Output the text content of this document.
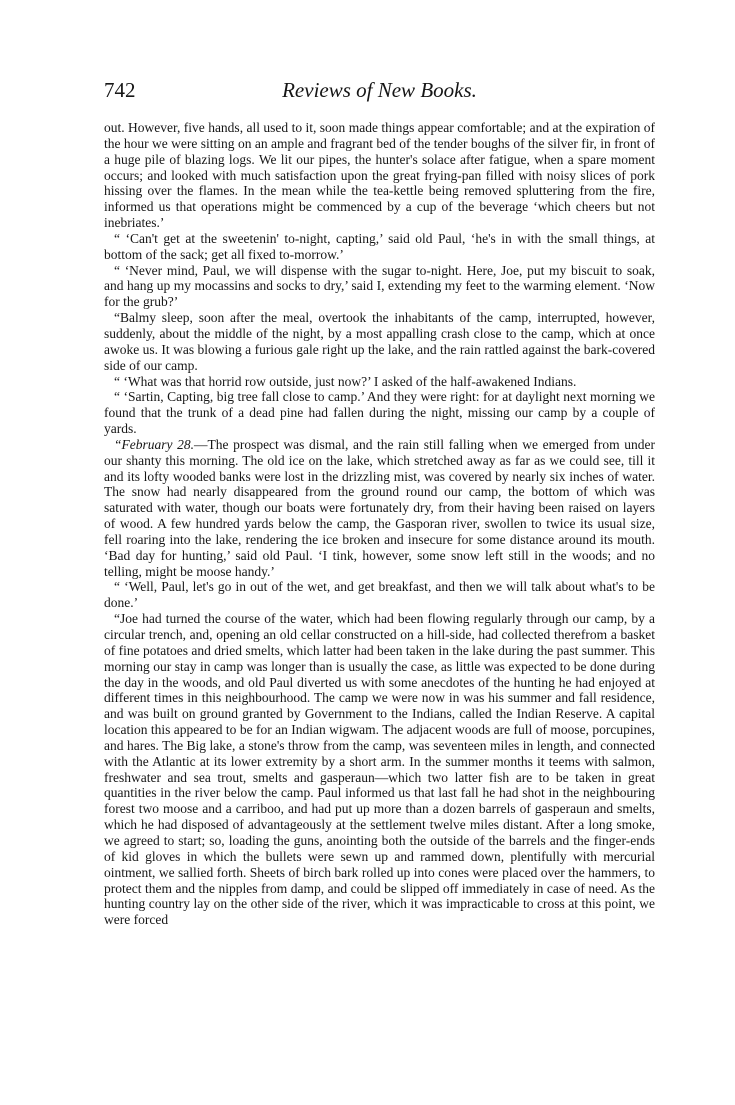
742	Reviews of New Books.

out. However, five hands, all used to it, soon made things appear comfortable; and at the expiration of the hour we were sitting on an ample and fragrant bed of the tender boughs of the silver fir, in front of a huge pile of blazing logs. We lit our pipes, the hunter's solace after fatigue, when a spare moment occurs; and looked with much satisfaction upon the great frying-pan filled with noisy slices of pork hissing over the flames. In the mean while the tea-kettle being removed spluttering from the fire, informed us that operations might be commenced by a cup of the beverage ‘which cheers but not inebriates.’

“ ‘Can't get at the sweetenin' to-night, capting,’ said old Paul, ‘he's in with the small things, at bottom of the sack; get all fixed to-morrow.’

“ ‘Never mind, Paul, we will dispense with the sugar to-night. Here, Joe, put my biscuit to soak, and hang up my mocassins and socks to dry,’ said I, extending my feet to the warming element. ‘Now for the grub?’

“Balmy sleep, soon after the meal, overtook the inhabitants of the camp, interrupted, however, suddenly, about the middle of the night, by a most appalling crash close to the camp, which at once awoke us. It was blowing a furious gale right up the lake, and the rain rattled against the bark-covered side of our camp.

“ ‘What was that horrid row outside, just now?’ I asked of the half-awakened Indians.

“ ‘Sartin, Capting, big tree fall close to camp.’ And they were right: for at daylight next morning we found that the trunk of a dead pine had fallen during the night, missing our camp by a couple of yards.

“February 28.—The prospect was dismal, and the rain still falling when we emerged from under our shanty this morning. The old ice on the lake, which stretched away as far as we could see, till it and its lofty wooded banks were lost in the drizzling mist, was covered by nearly six inches of water. The snow had nearly disappeared from the ground round our camp, the bottom of which was saturated with water, though our boats were fortunately dry, from their having been raised on layers of wood. A few hundred yards below the camp, the Gasporan river, swollen to twice its usual size, fell roaring into the lake, rendering the ice broken and insecure for some distance around its mouth. ‘Bad day for hunting,’ said old Paul. ‘I tink, however, some snow left still in the woods; and no telling, might be moose handy.’

“ ‘Well, Paul, let's go in out of the wet, and get breakfast, and then we will talk about what's to be done.’

“Joe had turned the course of the water, which had been flowing regularly through our camp, by a circular trench, and, opening an old cellar constructed on a hill-side, had collected therefrom a basket of fine potatoes and dried smelts, which latter had been taken in the lake during the past summer. This morning our stay in camp was longer than is usually the case, as little was expected to be done during the day in the woods, and old Paul diverted us with some anecdotes of the hunting he had enjoyed at different times in this neighbourhood. The camp we were now in was his summer and fall residence, and was built on ground granted by Government to the Indians, called the Indian Reserve. A capital location this appeared to be for an Indian wigwam. The adjacent woods are full of moose, porcupines, and hares. The Big lake, a stone's throw from the camp, was seventeen miles in length, and connected with the Atlantic at its lower extremity by a short arm. In the summer months it teems with salmon, freshwater and sea trout, smelts and gasperaun—which two latter fish are to be taken in great quantities in the river below the camp. Paul informed us that last fall he had shot in the neighbouring forest two moose and a carriboo, and had put up more than a dozen barrels of gasperaun and smelts, which he had disposed of advantageously at the settlement twelve miles distant. After a long smoke, we agreed to start; so, loading the guns, anointing both the outside of the barrels and the finger-ends of kid gloves in which the bullets were sewn up and rammed down, plentifully with mercurial ointment, we sallied forth. Sheets of birch bark rolled up into cones were placed over the hammers, to protect them and the nipples from damp, and could be slipped off immediately in case of need. As the hunting country lay on the other side of the river, which it was impracticable to cross at this point, we were forced
